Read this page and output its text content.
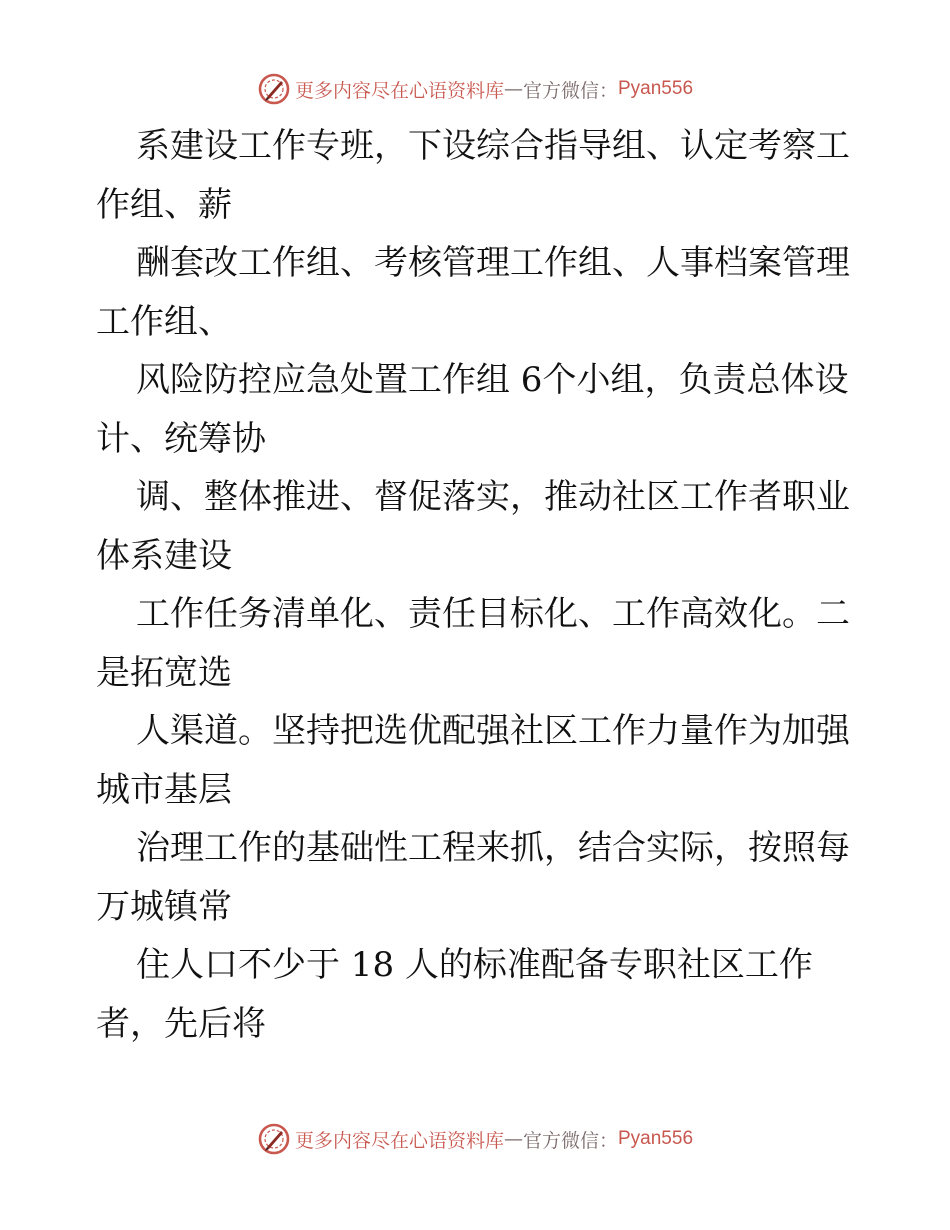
更多内容尽在心语资料库 — 官方微信： Pyan556

系建设工作专班，下设综合指导组、认定考察工作组、薪

酬套改工作组、考核管理工作组、人事档案管理工作组、

风险防控应急处置工作组 6个小组，负责总体设计、统筹协

调、整体推进、督促落实，推动社区工作者职业体系建设

工作任务清单化、责任目标化、工作高效化。二是拓宽选

人渠道。坚持把选优配强社区工作力量作为加强城市基层

治理工作的基础性工程来抓，结合实际，按照每万城镇常

住人口不少于 18 人的标准配备专职社区工作者，先后将

更多内容尽在心语资料库 — 官方微信： Pyan556
